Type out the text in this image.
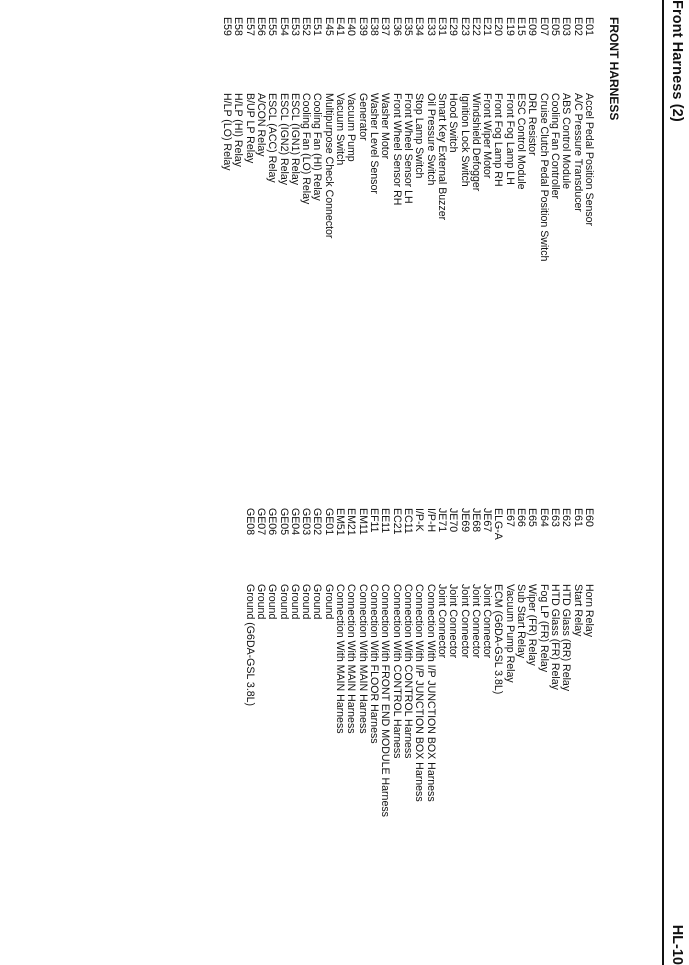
Front Harness (2)
HL-10
FRONT HARNESS
E01
Accel Pedal Position Sensor
E02
A/C Pressure Transducer
E03
ABS Control Module
E05
Cooling Fan Controller
E07
Cruise Clutch Pedal Position Switch
E09
DRL Resistor
E15
ESC Control Module
E19
Front Fog Lamp LH
E20
Front Fog Lamp RH
E21
Front Wiper Motor
E22
Windshield Defogger
E23
Ignition Lock Switch
E29
Hood Switch
E31
Smart Key External Buzzer
E33
Oil Pressure Switch
E34
Stop Lamp Switch
E35
Front Wheel Sensor LH
E36
Front Wheel Sensor RH
E37
Washer Motor
E38
Washer Level Sensor
E39
Generator
E40
Vacuum Pump
E41
Vacuum Switch
E45
Multipurpose Check Connector
E51
Cooling Fan (HI) Relay
E52
Cooling Fan (LO) Relay
E53
ESCL (IGN1) Relay
E54
ESCL (IGN2) Relay
E55
ESCL (ACC) Relay
E56
A/CON Relay
E57
B/UP LP Relay
E58
H/LP (HI) Relay
E59
H/LP (LO) Relay
E60
Horn Relay
E61
Start Relay
E62
HTD Glass (RR) Relay
E63
HTD Glass (FR) Relay
E64
Fog LP (FR) Relay
E65
Wiper (FR) Relay
E66
Sub Start Relay
E67
Vacuum Pump Relay
ELG-A
ECM (G6DA-GSL 3.8L)
JE67
Joint Connector
JE68
Joint Connector
JE69
Joint Connector
JE70
Joint Connector
JE71
Joint Connector
I/P-H
Connection With I/P JUNCTION BOX Harness
I/P-K
Connection With I/P JUNCTION BOX Harness
EC11
Connection With CONTROL Harness
EC21
Connection With CONTROL Harness
EE11
Connection With FRONT END MODULE Harness
EF11
Connection With FLOOR Harness
EM11
Connection With MAIN Harness
EM21
Connection With MAIN Harness
EM51
Connection With MAIN Harness
GE01
Ground
GE02
Ground
GE03
Ground
GE04
Ground
GE05
Ground
GE06
Ground
GE07
Ground
GE08
Ground (G6DA-GSL 3.8L)
